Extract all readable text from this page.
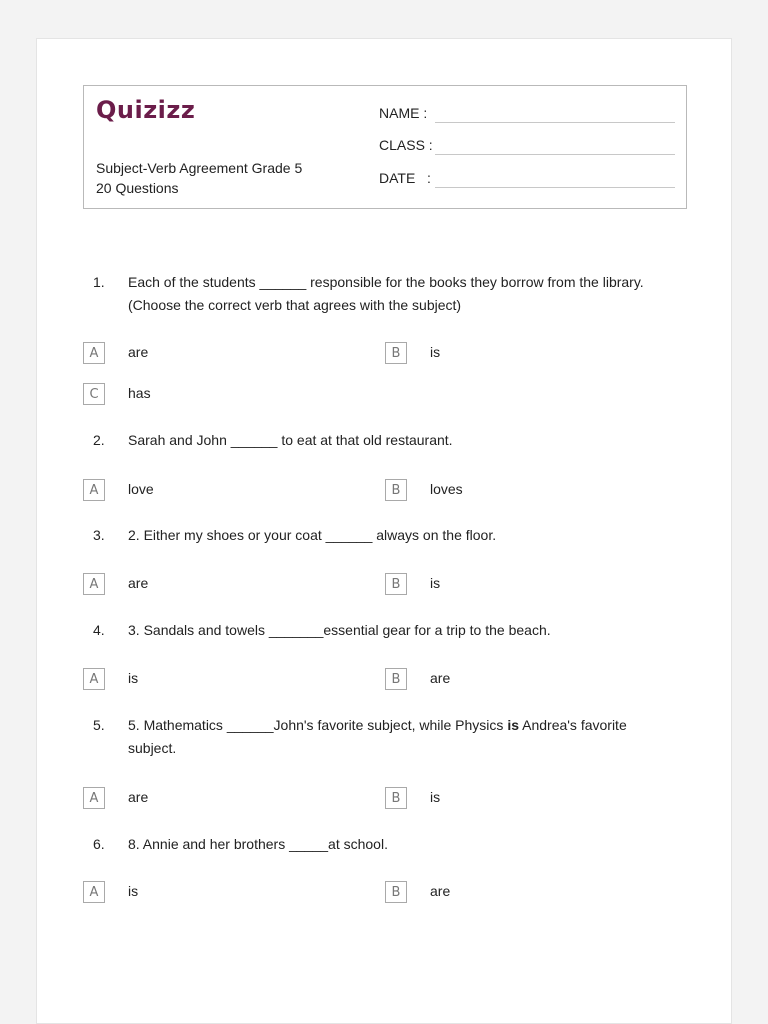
Quizizz
Subject-Verb Agreement Grade 5
20 Questions
NAME :
CLASS :
DATE   :
1.	Each of the students ______ responsible for the books they borrow from the library. (Choose the correct verb that agrees with the subject)
A	are	B	is
C	has
2.	Sarah and John ______ to eat at that old restaurant.
A	love	B	loves
3.	2. Either my shoes or your coat ______ always on the floor.
A	are	B	is
4.	3. Sandals and towels _______essential gear for a trip to the beach.
A	is	B	are
5.	5. Mathematics ______John's favorite subject, while Physics is Andrea's favorite subject.
A	are	B	is
6.	8. Annie and her brothers _____at school.
A	is	B	are
